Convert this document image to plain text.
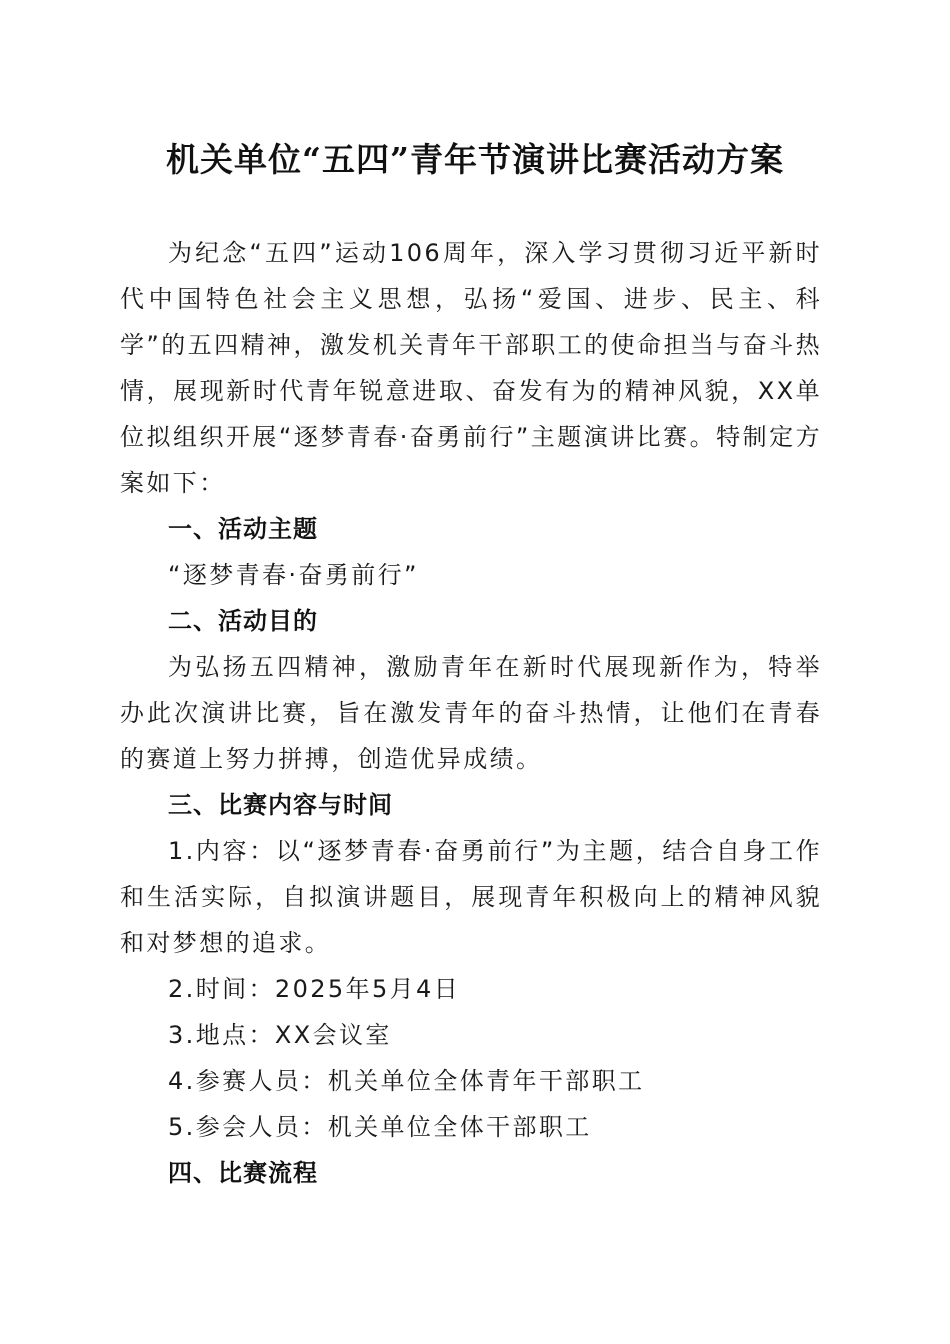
机关单位“五四”青年节演讲比赛活动方案

为纪念“五四”运动106周年，深入学习贯彻习近平新时代中国特色社会主义思想，弘扬“爱国、进步、民主、科学”的五四精神，激发机关青年干部职工的使命担当与奋斗热情，展现新时代青年锐意进取、奋发有为的精神风貌，XX单位拟组织开展“逐梦青春·奋勇前行”主题演讲比赛。特制定方案如下：

一、活动主题

“逐梦青春·奋勇前行”

二、活动目的

为弘扬五四精神，激励青年在新时代展现新作为，特举办此次演讲比赛，旨在激发青年的奋斗热情，让他们在青春的赛道上努力拼搏，创造优异成绩。

三、比赛内容与时间

1.内容：以“逐梦青春·奋勇前行”为主题，结合自身工作和生活实际，自拟演讲题目，展现青年积极向上的精神风貌和对梦想的追求。

2.时间：2025年5月4日

3.地点：XX会议室

4.参赛人员：机关单位全体青年干部职工

5.参会人员：机关单位全体干部职工

四、比赛流程
